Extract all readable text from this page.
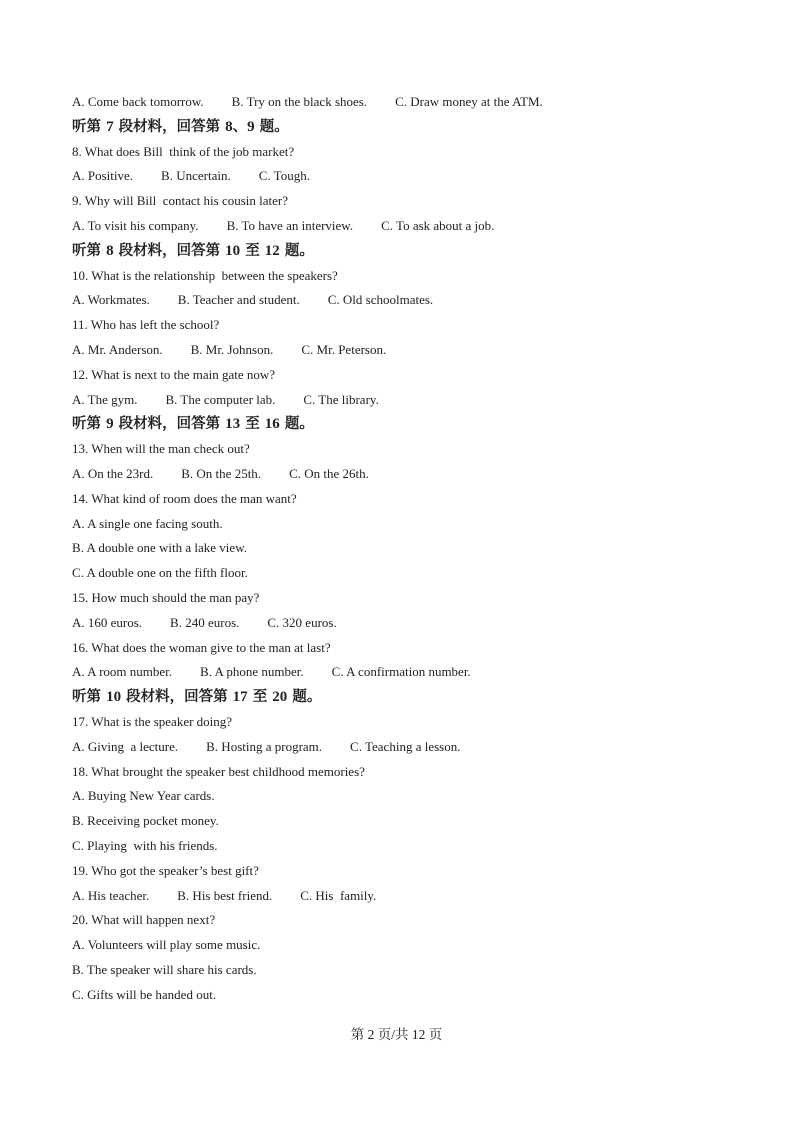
A. Come back tomorrow. B. Try on the black shoes. C. Draw money at the ATM.
听第 7 段材料，回答第 8、9 题。
8. What does Bill  think of the job market?
A. Positive. B. Uncertain. C. Tough.
9. Why will Bill  contact his cousin later?
A. To visit his company. B. To have an interview. C. To ask about a job.
听第 8 段材料，回答第 10 至 12 题。
10. What is the relationship  between the speakers?
A. Workmates. B. Teacher and student. C. Old schoolmates.
11. Who has left the school?
A. Mr. Anderson. B. Mr. Johnson. C. Mr. Peterson.
12. What is next to the main gate now?
A. The gym. B. The computer lab. C. The library.
听第 9 段材料，回答第 13 至 16 题。
13. When will the man check out?
A. On the 23rd. B. On the 25th. C. On the 26th.
14. What kind of room does the man want?
A. A single one facing south.
B. A double one with a lake view.
C. A double one on the fifth floor.
15. How much should the man pay?
A. 160 euros. B. 240 euros. C. 320 euros.
16. What does the woman give to the man at last?
A. A room number. B. A phone number. C. A confirmation number.
听第 10 段材料，回答第 17 至 20 题。
17. What is the speaker doing?
A. Giving  a lecture. B. Hosting a program. C. Teaching a lesson.
18. What brought the speaker best childhood memories?
A. Buying New Year cards.
B. Receiving pocket money.
C. Playing  with his friends.
19. Who got the speaker’s best gift?
A. His teacher. B. His best friend. C. His  family.
20. What will happen next?
A. Volunteers will play some music.
B. The speaker will share his cards.
C. Gifts will be handed out.
第 2 页/共 12 页
